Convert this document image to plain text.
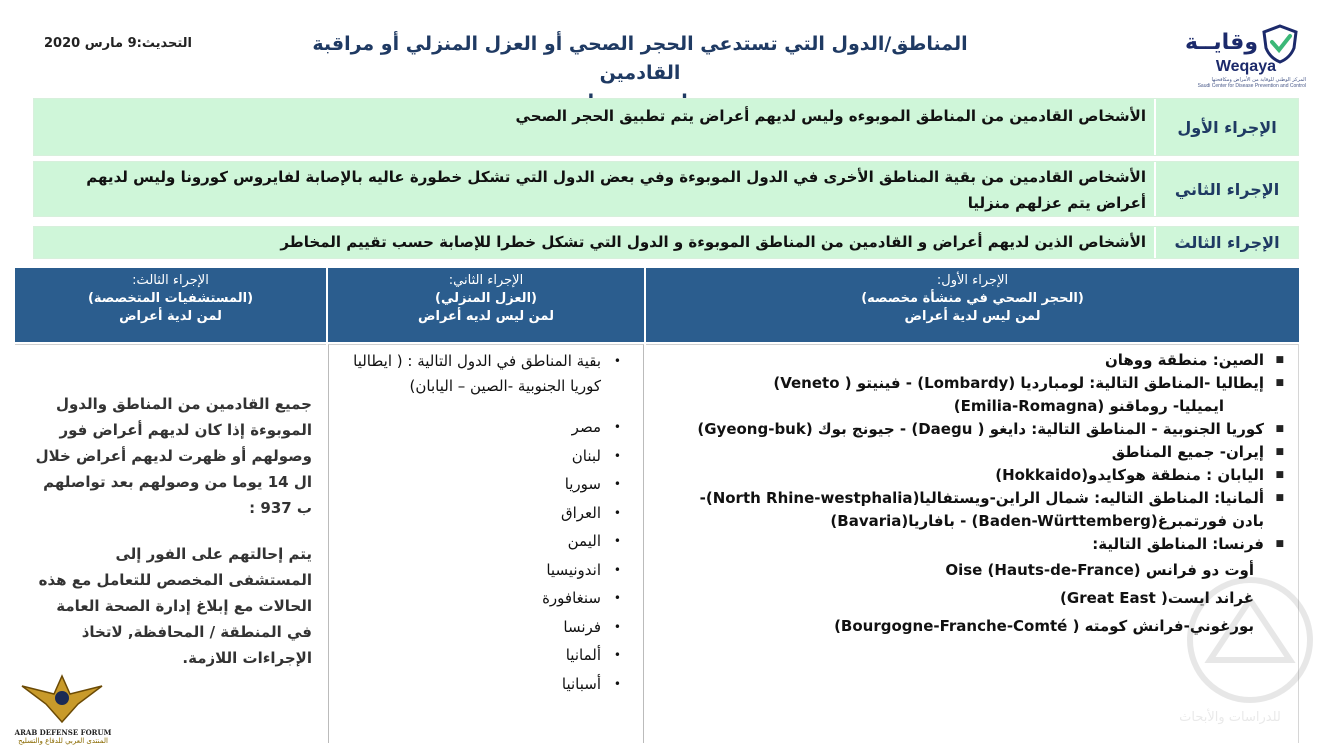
المناطق/الدول التي تستدعي الحجر الصحي أو العزل المنزلي أو مراقبة القادمين
التحديث:9 مارس 2020	وقايــة
Weqaya
المركز الوطني للوقاية من الأمراض ومكافحتها
Saudi Center for Disease Prevention and Control
الإجراء الأول
الأشخاص القادمين من المناطق الموبوءه وليس لديهم أعراض يتم تطبيق الحجر الصحي
الإجراء الثاني
الأشخاص القادمين من بقية المناطق الأخرى في الدول الموبوءة وفي بعض الدول التي تشكل خطورة عاليه بالإصابة لفايروس كورونا وليس لديهم أعراض يتم عزلهم منزليا
الإجراء الثالث
الأشخاص الذين لديهم أعراض و القادمين من المناطق الموبوءة و الدول التي تشكل خطرا للإصابة حسب تقييم المخاطر
الإجراء الأول:
(الحجر الصحي في منشأة مخصصه)
لمن ليس لدية أعراض
الإجراء الثاني:
(العزل المنزلي)
لمن ليس لديه أعراض
الإجراء الثالث:
(المستشفيات المتخصصة)
لمن لدية أعراض
■
الصين: منطقة ووهان
■
إيطاليا -المناطق التالية: لومبارديا (Lombardy) - فينيتو ( Veneto)
ايميليا- روماقنو (Emilia-Romagna)
■
كوريا الجنوبية - المناطق التالية: دايغو ( Daegu) - جيونج بوك (Gyeong-buk)
■
إيران- جميع المناطق
■
اليابان : منطقة هوكايدو(Hokkaido)
■
ألمانيا: المناطق التاليه: شمال الراين-ويستفاليا(North Rhine-westphalia)-
بادن فورتمبرغ(Baden-Württemberg) - بافاريا(Bavaria)
■
فرنسا: المناطق التالية:
أوت دو فرانس (Oise (Hauts-de-France
غراند ايست( Great East)
بورغوني-فرانش كومته ( Bourgogne-Franche-Comté)
•
بقية المناطق في الدول التالية : ( ايطاليا كوريا الجنوبية -الصين – اليابان)
•
مصر
•
لبنان
•
سوريا
•
العراق
•
اليمن
•
اندونيسيا
•
سنغافورة
•
فرنسا
•
ألمانيا
•
أسبانيا

جميع القادمين من المناطق والدول الموبوءة إذا كان لديهم أعراض فور وصولهم أو ظهرت لديهم أعراض خلال ال 14 يوما من وصولهم بعد تواصلهم ب 937 :

يتم إحالتهم على الفور إلى المستشفى المخصص للتعامل مع هذه الحالات مع إبلاغ إدارة الصحة العامة في المنطقة / المحافظة, لاتخاذ الإجراءات اللازمة.

للدراسات والأبحاث
ARAB DEFENSE FORUM
المنتدى العربي للدفاع والتسليح
